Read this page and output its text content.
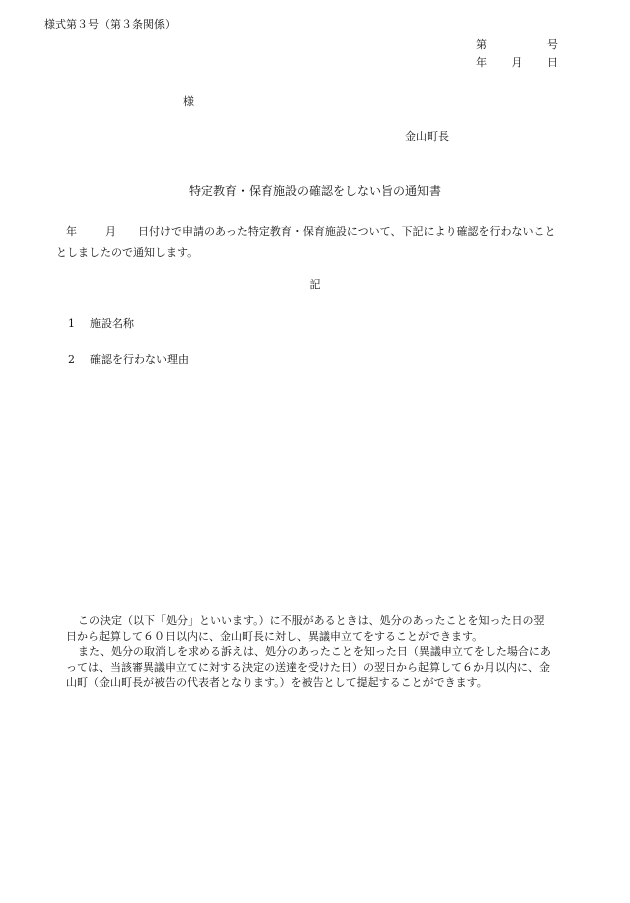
様式第３号（第３条関係）
第	号
年 月 日
様
金山町長
特定教育・保育施設の確認をしない旨の通知書
年	月 日付けで申請のあった特定教育・保育施設について、下記により確認を行わないこと
としましたので通知します。
記
1 施設名称
2 確認を行わない理由
この決定（以下「処分」といいます。）に不服があるときは、処分のあったことを知った日の翌
日から起算して６０日以内に、金山町長に対し、異議申立てをすることができます。
また、処分の取消しを求める訴えは、処分のあったことを知った日（異議申立てをした場合にあ
っては、当該審異議申立てに対する決定の送達を受けた日）の翌日から起算して６か月以内に、金
山町（金山町長が被告の代表者となります。）を被告として提起することができます。
